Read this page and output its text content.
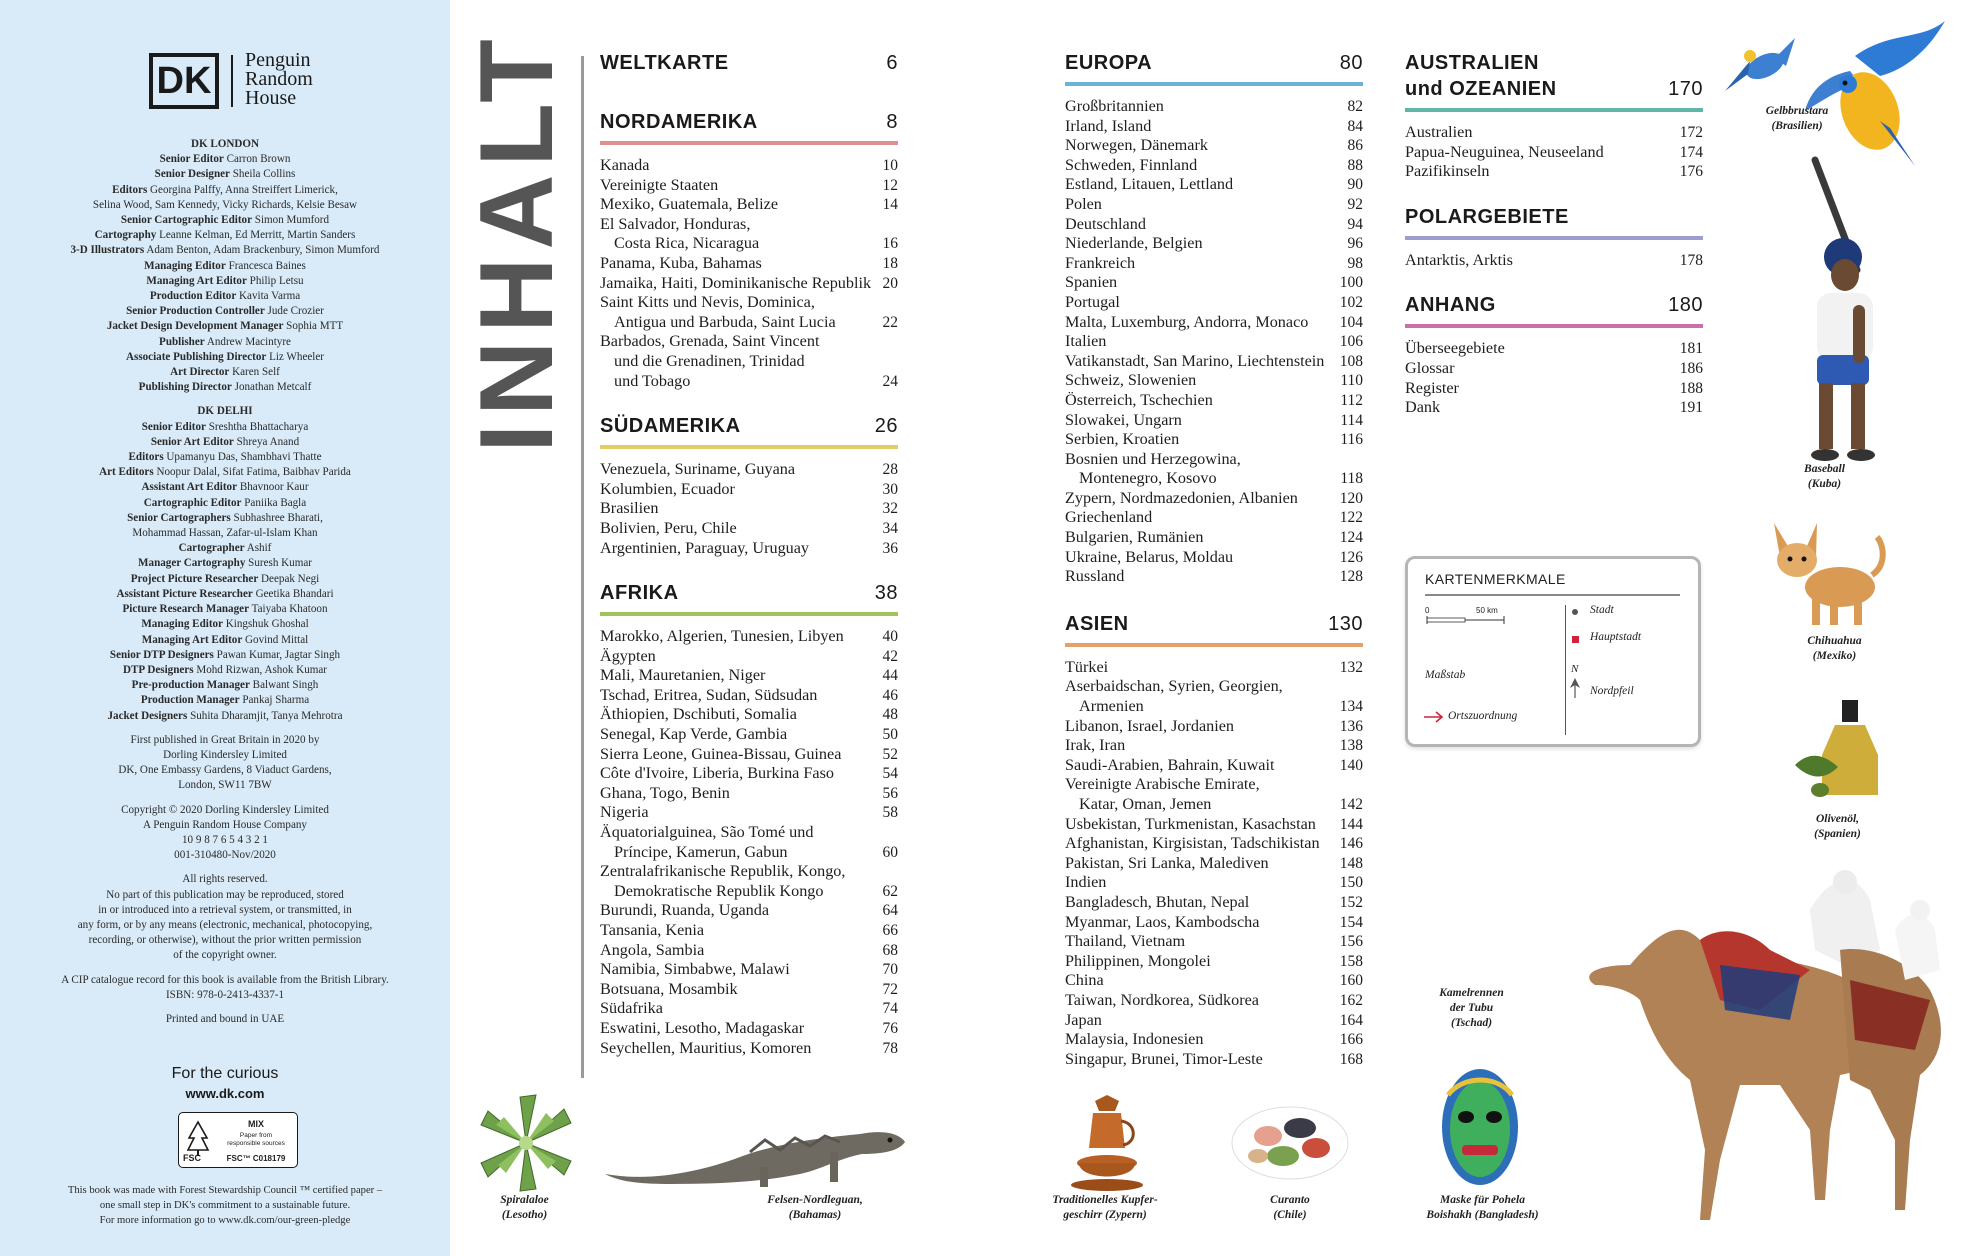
DK	Penguin
Random
House
DK LONDON
Senior Editor Carron Brown
Senior Designer Sheila Collins
Editors Georgina Palffy, Anna Streiffert Limerick,
Selina Wood, Sam Kennedy, Vicky Richards, Kelsie Besaw
Senior Cartographic Editor Simon Mumford
Cartography Leanne Kelman, Ed Merritt, Martin Sanders
3-D Illustrators Adam Benton, Adam Brackenbury, Simon Mumford
Managing Editor Francesca Baines
Managing Art Editor Philip Letsu
Production Editor Kavita Varma
Senior Production Controller Jude Crozier
Jacket Design Development Manager Sophia MTT
Publisher Andrew Macintyre
Associate Publishing Director Liz Wheeler
Art Director Karen Self
Publishing Director Jonathan Metcalf
DK DELHI
Senior Editor Sreshtha Bhattacharya
Senior Art Editor Shreya Anand
Editors Upamanyu Das, Shambhavi Thatte
Art Editors Noopur Dalal, Sifat Fatima, Baibhav Parida
Assistant Art Editor Bhavnoor Kaur
Cartographic Editor Paniika Bagla
Senior Cartographers Subhashree Bharati,
Mohammad Hassan, Zafar-ul-Islam Khan
Cartographer Ashif
Manager Cartography Suresh Kumar
Project Picture Researcher Deepak Negi
Assistant Picture Researcher Geetika Bhandari
Picture Research Manager Taiyaba Khatoon
Managing Editor Kingshuk Ghoshal
Managing Art Editor Govind Mittal
Senior DTP Designers Pawan Kumar, Jagtar Singh
DTP Designers Mohd Rizwan, Ashok Kumar
Pre-production Manager Balwant Singh
Production Manager Pankaj Sharma
Jacket Designers Suhita Dharamjit, Tanya Mehrotra
First published in Great Britain in 2020 by
Dorling Kindersley Limited
DK, One Embassy Gardens, 8 Viaduct Gardens,
London, SW11 7BW
Copyright © 2020 Dorling Kindersley Limited
A Penguin Random House Company
10 9 8 7 6 5 4 3 2 1
001-310480-Nov/2020
All rights reserved.
No part of this publication may be reproduced, stored
in or introduced into a retrieval system, or transmitted, in
any form, or by any means (electronic, mechanical, photocopying,
recording, or otherwise), without the prior written permission
of the copyright owner.
A CIP catalogue record for this book is available from the British Library.
ISBN: 978-0-2413-4337-1
Printed and bound in UAE
For the curious
www.dk.com
FSC
MIX
Paper from
responsible sources
FSC™ C018179
This book was made with Forest Stewardship Council ™ certified paper –
one small step in DK's commitment to a sustainable future.
For more information go to www.dk.com/our-green-pledge
INHALT WELTKARTE	6
NORDAMERIKA	8
Kanada	10
Vereinigte Staaten	12
Mexiko, Guatemala, Belize	14
El Salvador, Honduras,
Costa Rica, Nicaragua	16
Panama, Kuba, Bahamas	18
Jamaika, Haiti, Dominikanische Republik 20
Saint Kitts und Nevis, Dominica,
Antigua und Barbuda, Saint Lucia	22
Barbados, Grenada, Saint Vincent
und die Grenadinen, Trinidad
und Tobago	24
SÜDAMERIKA	26
Venezuela, Suriname, Guyana	28
Kolumbien, Ecuador	30
Brasilien	32
Bolivien, Peru, Chile	34
Argentinien, Paraguay, Uruguay	36
AFRIKA	38
Marokko, Algerien, Tunesien, Libyen	40
Ägypten	42
Mali, Mauretanien, Niger	44
Tschad, Eritrea, Sudan, Südsudan	46
Äthiopien, Dschibuti, Somalia	48
Senegal, Kap Verde, Gambia	50
Sierra Leone, Guinea-Bissau, Guinea	52
Côte d'Ivoire, Liberia, Burkina Faso	54
Ghana, Togo, Benin	56
Nigeria	58
Äquatorialguinea, São Tomé und
Príncipe, Kamerun, Gabun	60
Zentralafrikanische Republik, Kongo,
Demokratische Republik Kongo	62
Burundi, Ruanda, Uganda	64
Tansania, Kenia	66
Angola, Sambia	68
Namibia, Simbabwe, Malawi	70
Botsuana, Mosambik	72
Südafrika	74
Eswatini, Lesotho, Madagaskar	76
Seychellen, Mauritius, Komoren	78
EUROPA	80
Großbritannien	82
Irland, Island	84
Norwegen, Dänemark	86
Schweden, Finnland	88
Estland, Litauen, Lettland	90
Polen	92
Deutschland	94
Niederlande, Belgien	96
Frankreich	98
Spanien	100
Portugal	102
Malta, Luxemburg, Andorra, Monaco	104
Italien	106
Vatikanstadt, San Marino, Liechtenstein 108
Schweiz, Slowenien	110
Österreich, Tschechien	112
Slowakei, Ungarn	114
Serbien, Kroatien	116
Bosnien und Herzegowina,
Montenegro, Kosovo	118
Zypern, Nordmazedonien, Albanien	120
Griechenland	122
Bulgarien, Rumänien	124
Ukraine, Belarus, Moldau	126
Russland	128
ASIEN	130
Türkei	132
Aserbaidschan, Syrien, Georgien,
Armenien	134
Libanon, Israel, Jordanien	136
Irak, Iran	138
Saudi-Arabien, Bahrain, Kuwait	140
Vereinigte Arabische Emirate,
Katar, Oman, Jemen	142
Usbekistan, Turkmenistan, Kasachstan	144
Afghanistan, Kirgisistan, Tadschikistan	146
Pakistan, Sri Lanka, Malediven	148
Indien	150
Bangladesch, Bhutan, Nepal	152
Myanmar, Laos, Kambodscha	154
Thailand, Vietnam	156
Philippinen, Mongolei	158
China	160
Taiwan, Nordkorea, Südkorea	162
Japan	164
Malaysia, Indonesien	166
Singapur, Brunei, Timor-Leste	168
AUSTRALIEN
und OZEANIEN	170
Australien	172
Papua-Neuguinea, Neuseeland	174
Pazifikinseln	176
POLARGEBIETE
Antarktis, Arktis	178
ANHANG	180
Überseegebiete	181
Glossar	186
Register	188
Dank	191
KARTENMERKMALE
0	50 km	Stadt
Hauptstadt
Maßstab	N
Nordpfeil
Ortszuordnung
Gelbbrustara
(Brasilien)
Baseball
(Kuba)
Chihuahua
(Mexiko)
Olivenöl,
(Spanien)
Kamelrennen
der Tubu
(Tschad)
Spiralaloe
(Lesotho)
Felsen-Nordleguan,
(Bahamas)
Traditionelles Kupfer-
geschirr (Zypern)
Curanto
(Chile)
Maske für Pohela
Boishakh (Bangladesh)
